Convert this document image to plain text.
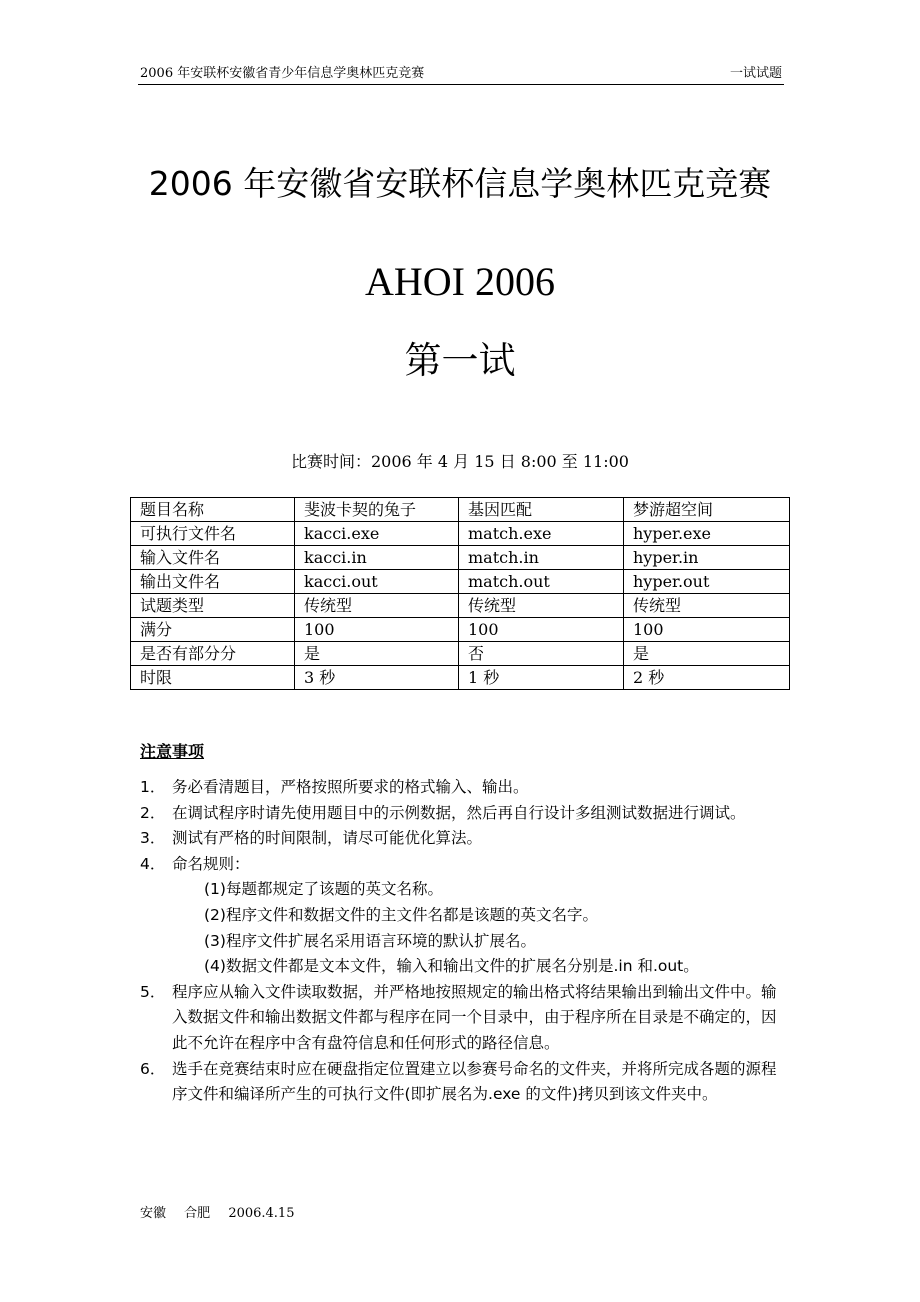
2006 年安联杯安徽省青少年信息学奥林匹克竞赛	一试试题
2006 年安徽省安联杯信息学奥林匹克竞赛
AHOI 2006
第一试
比赛时间：2006 年 4 月 15 日 8:00 至 11:00
题目名称	斐波卡契的兔子	基因匹配	梦游超空间
可执行文件名	kacci.exe	match.exe	hyper.exe
输入文件名	kacci.in	match.in	hyper.in
输出文件名	kacci.out	match.out	hyper.out
试题类型	传统型	传统型	传统型
满分	100	100	100
是否有部分分	是	否	是
时限	3 秒	1 秒	2 秒
注意事项
1． 务必看清题目，严格按照所要求的格式输入、输出。
2． 在调试程序时请先使用题目中的示例数据，然后再自行设计多组测试数据进行调试。
3． 测试有严格的时间限制，请尽可能优化算法。
4． 命名规则：
(1)每题都规定了该题的英文名称。
(2)程序文件和数据文件的主文件名都是该题的英文名字。
(3)程序文件扩展名采用语言环境的默认扩展名。
(4)数据文件都是文本文件，输入和输出文件的扩展名分别是.in 和.out。
5． 程序应从输入文件读取数据，并严格地按照规定的输出格式将结果输出到输出文件中。输入数据文件和输出数据文件都与程序在同一个目录中，由于程序所在目录是不确定的，因此不允许在程序中含有盘符信息和任何形式的路径信息。
6． 选手在竞赛结束时应在硬盘指定位置建立以参赛号命名的文件夹，并将所完成各题的源程序文件和编译所产生的可执行文件(即扩展名为.exe 的文件)拷贝到该文件夹中。
安徽 合肥 2006.4.15
